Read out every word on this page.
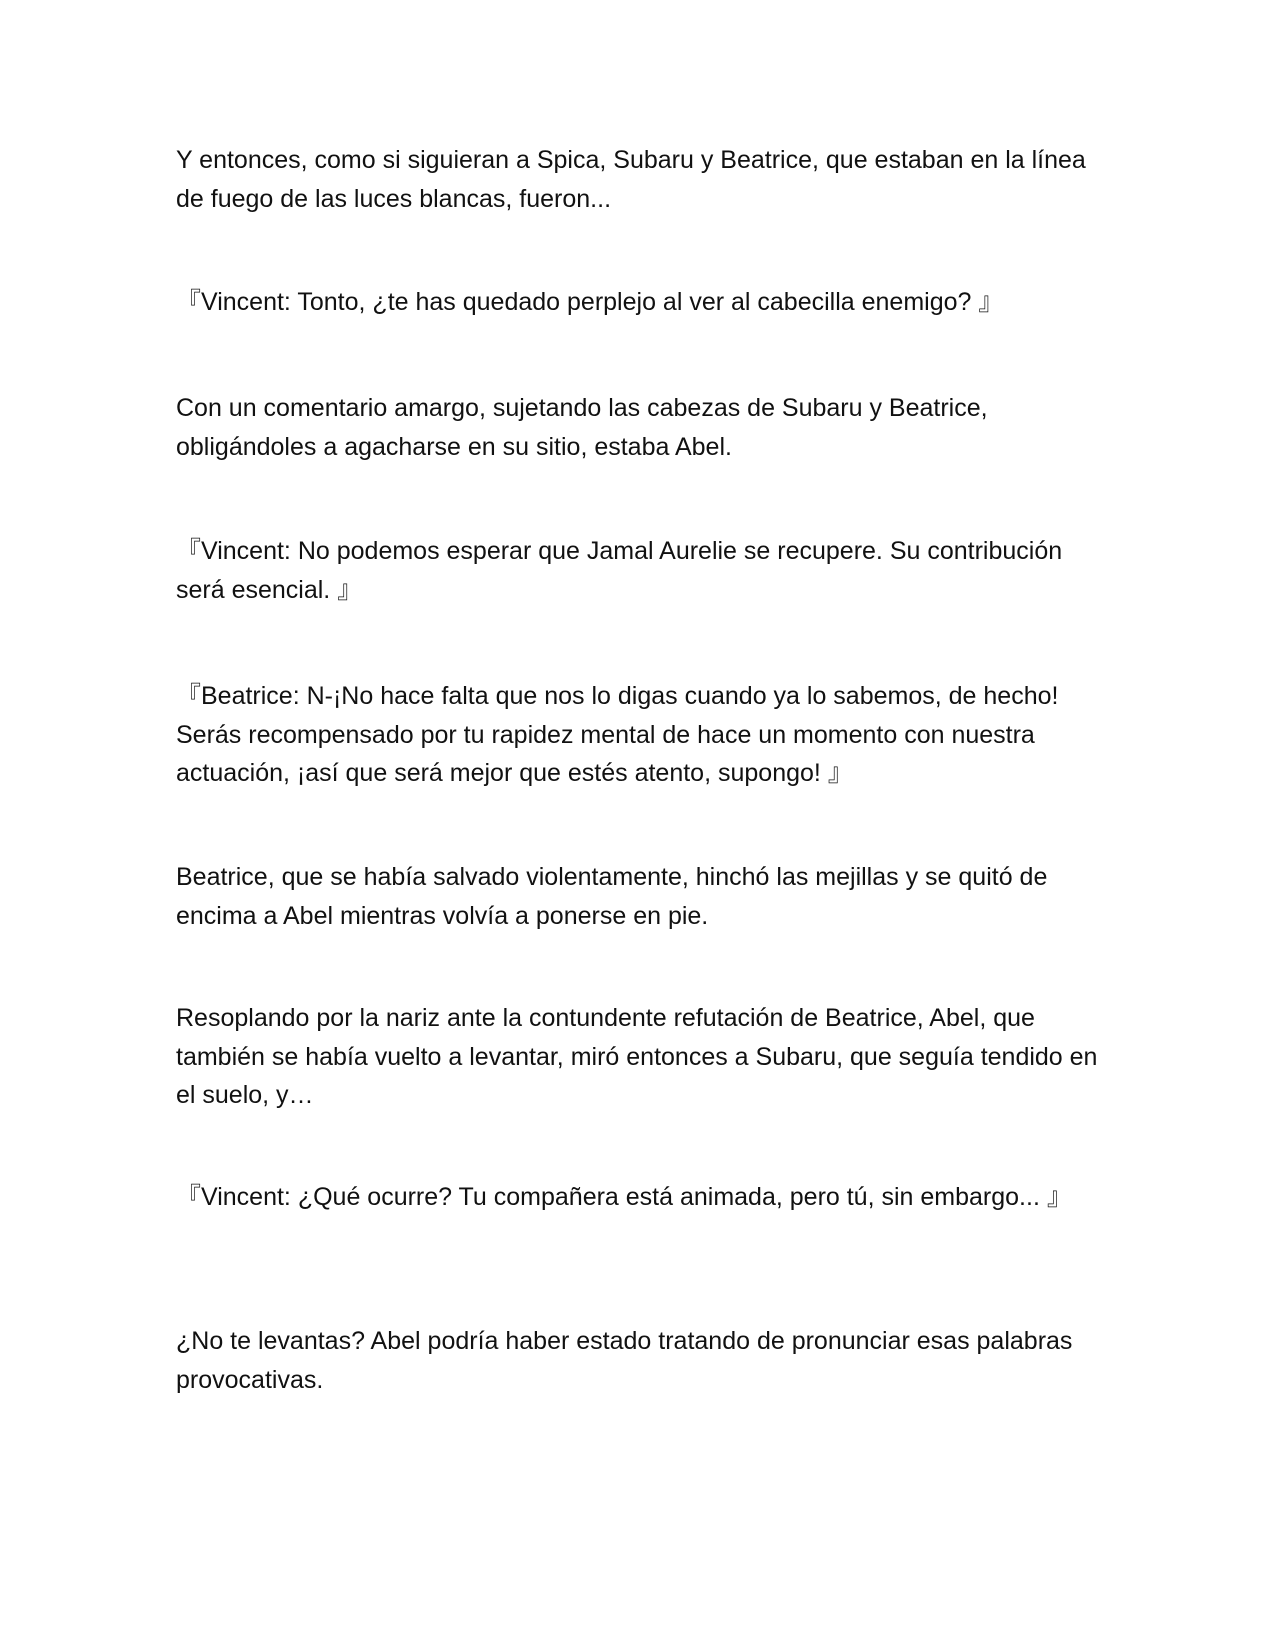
Y entonces, como si siguieran a Spica, Subaru y Beatrice, que estaban en la línea de fuego de las luces blancas, fueron...

『Vincent: Tonto, ¿te has quedado perplejo al ver al cabecilla enemigo? 』

Con un comentario amargo, sujetando las cabezas de Subaru y Beatrice, obligándoles a agacharse en su sitio, estaba Abel.

『Vincent: No podemos esperar que Jamal Aurelie se recupere. Su contribución será esencial. 』

『Beatrice: N-¡No hace falta que nos lo digas cuando ya lo sabemos, de hecho! Serás recompensado por tu rapidez mental de hace un momento con nuestra actuación, ¡así que será mejor que estés atento, supongo! 』

Beatrice, que se había salvado violentamente, hinchó las mejillas y se quitó de encima a Abel mientras volvía a ponerse en pie.

Resoplando por la nariz ante la contundente refutación de Beatrice, Abel, que también se había vuelto a levantar, miró entonces a Subaru, que seguía tendido en el suelo, y…

『Vincent: ¿Qué ocurre? Tu compañera está animada, pero tú, sin embargo... 』

¿No te levantas? Abel podría haber estado tratando de pronunciar esas palabras provocativas.
